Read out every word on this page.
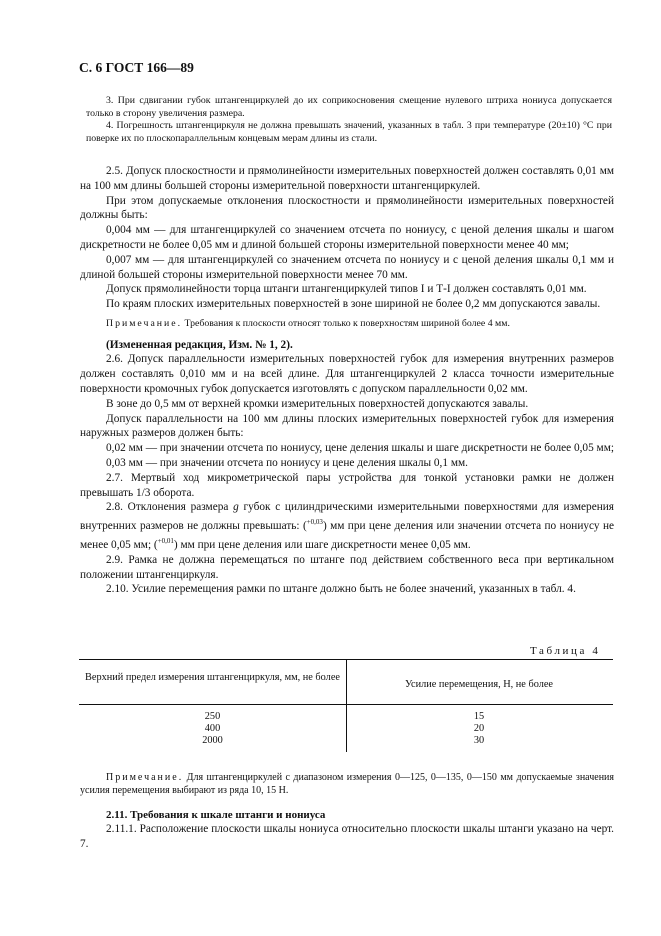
С. 6 ГОСТ 166—89

3. При сдвигании губок штангенциркулей до их соприкосновения смещение нулевого штриха нониуса допускается только в сторону увеличения размера.

4. Погрешность штангенциркуля не должна превышать значений, указанных в табл. 3 при температуре (20±10) °С при поверке их по плоскопараллельным концевым мерам длины из стали.

2.5. Допуск плоскостности и прямолинейности измерительных поверхностей должен составлять 0,01 мм на 100 мм длины большей стороны измерительной поверхности штангенциркулей.

При этом допускаемые отклонения плоскостности и прямолинейности измерительных поверхностей должны быть:

0,004 мм — для штангенциркулей со значением отсчета по нониусу, с ценой деления шкалы и шагом дискретности не более 0,05 мм и длиной большей стороны измерительной поверхности менее 40 мм;

0,007 мм — для штангенциркулей со значением отсчета по нониусу и с ценой деления шкалы 0,1 мм и длиной большей стороны измерительной поверхности менее 70 мм.

Допуск прямолинейности торца штанги штангенциркулей типов I и Т-I должен составлять 0,01 мм.

По краям плоских измерительных поверхностей в зоне шириной не более 0,2 мм допускаются завалы.

Примечание. Требования к плоскости относят только к поверхностям шириной более 4 мм.

(Измененная редакция, Изм. № 1, 2).

2.6. Допуск параллельности измерительных поверхностей губок для измерения внутренних размеров должен составлять 0,010 мм и на всей длине. Для штангенциркулей 2 класса точности измерительные поверхности кромочных губок допускается изготовлять с допуском параллельности 0,02 мм.

В зоне до 0,5 мм от верхней кромки измерительных поверхностей допускаются завалы.

Допуск параллельности на 100 мм длины плоских измерительных поверхностей губок для измерения наружных размеров должен быть:

0,02 мм — при значении отсчета по нониусу, цене деления шкалы и шаге дискретности не более 0,05 мм;

0,03 мм — при значении отсчета по нониусу и цене деления шкалы 0,1 мм.

2.7. Мертвый ход микрометрической пары устройства для тонкой установки рамки не должен превышать 1/3 оборота.

2.8. Отклонения размера g губок с цилиндрическими измерительными поверхностями для измерения внутренних размеров не должны превышать: ($^{+0,03}$) мм при цене деления или значении отсчета по нониусу не менее 0,05 мм; ($^{+0,01}$) мм при цене деления или шаге дискретности менее 0,05 мм.

2.9. Рамка не должна перемещаться по штанге под действием собственного веса при вертикальном положении штангенциркуля.

2.10. Усилие перемещения рамки по штанге должно быть не более значений, указанных в табл. 4.

Таблица 4
Верхний предел измерения штангенциркуля, мм, не более
Усилие перемещения, Н, не более
250
400
2000
15
20
30

Примечание. Для штангенциркулей с диапазоном измерения 0—125, 0—135, 0—150 мм допускаемые значения усилия перемещения выбирают из ряда 10, 15 Н.

2.11. Требования к шкале штанги и нониуса

2.11.1. Расположение плоскости шкалы нониуса относительно плоскости шкалы штанги указано на черт. 7.
